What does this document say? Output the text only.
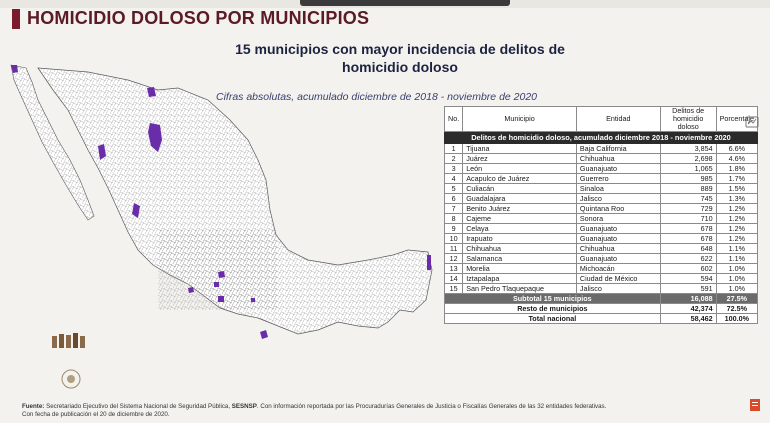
HOMICIDIO DOLOSO POR MUNICIPIOS
15 municipios con mayor incidencia de delitos de
homicidio doloso
Cifras absolutas, acumulado diciembre de 2018 - noviembre de 2020
Delitos de homicidio doloso, acumulado diciembre 2018 - noviembre 2020				
No.	Municipio	Entidad	Delitos de homicidio doloso	Porcentaje
1	Tijuana	Baja California	3,854	6.6%
2	Juárez	Chihuahua	2,698	4.6%
3	León	Guanajuato	1,065	1.8%
4	Acapulco de Juárez	Guerrero	985	1.7%
5	Culiacán	Sinaloa	889	1.5%
6	Guadalajara	Jalisco	745	1.3%
7	Benito Juárez	Quintana Roo	729	1.2%
8	Cajeme	Sonora	710	1.2%
9	Celaya	Guanajuato	678	1.2%
10	Irapuato	Guanajuato	678	1.2%
11	Chihuahua	Chihuahua	648	1.1%
12	Salamanca	Guanajuato	622	1.1%
13	Morelia	Michoacán	602	1.0%
14	Iztapalapa	Ciudad de México	594	1.0%
15	San Pedro Tlaquepaque	Jalisco	591	1.0%
Subtotal 15 municipios			16,088	27.5%
Resto de municipios			42,374	72.5%
Total nacional			58,462	100.0%
Fuente: Secretariado Ejecutivo del Sistema Nacional de Seguridad Pública, SESNSP. Con información reportada por las Procuradurías Generales de Justicia o Fiscalías Generales de las 32 entidades federativas.
Con fecha de publicación el 20 de diciembre de 2020.
